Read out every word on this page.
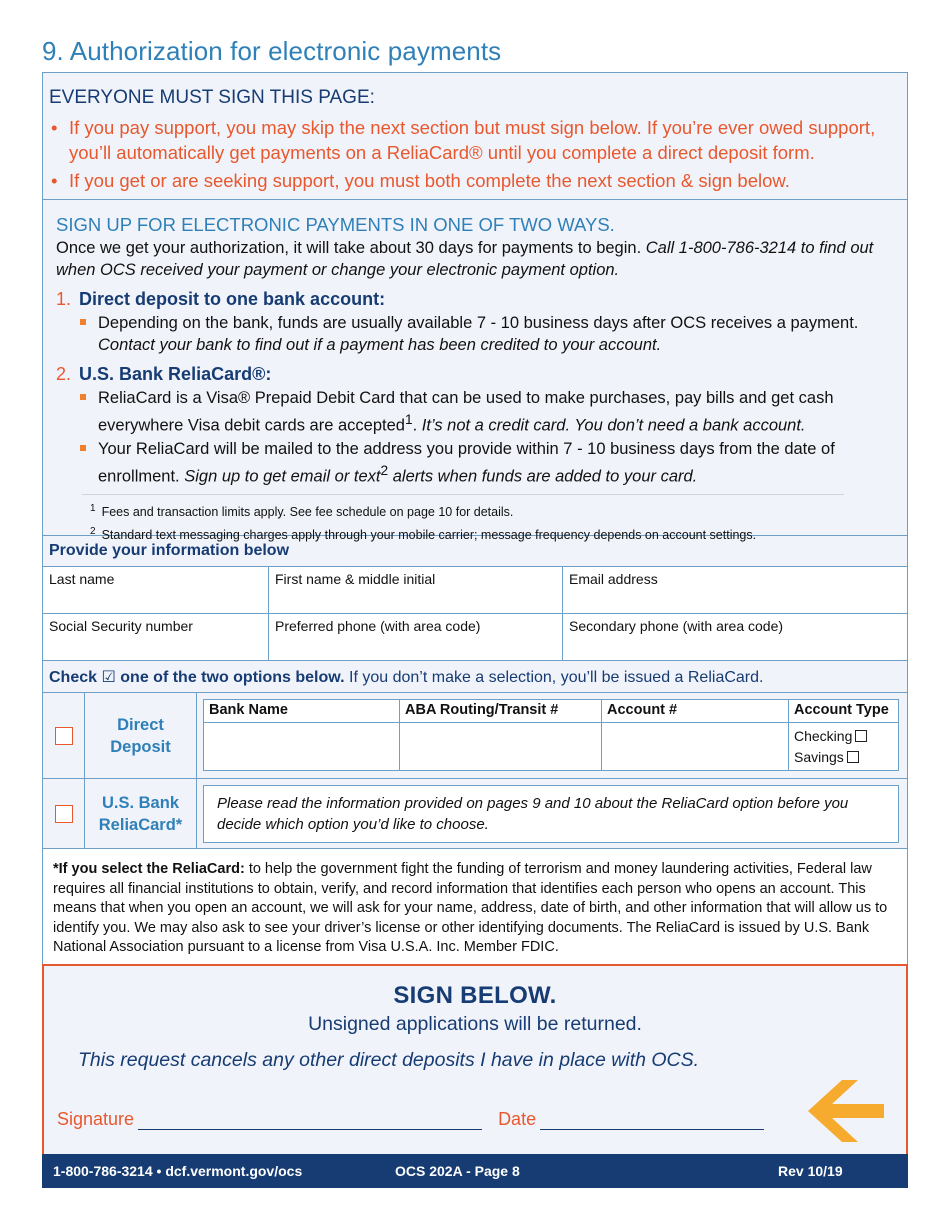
9. Authorization for electronic payments
EVERYONE MUST SIGN THIS PAGE:
• If you pay support, you may skip the next section but must sign below. If you’re ever owed support, you’ll automatically get payments on a ReliaCard® until you complete a direct deposit form.
• If you get or are seeking support, you must both complete the next section & sign below.
SIGN UP FOR ELECTRONIC PAYMENTS IN ONE OF TWO WAYS.

Once we get your authorization, it will take about 30 days for payments to begin. Call 1-800-786-3214 to find out when OCS received your payment or change your electronic payment option.

1. Direct deposit to one bank account:
Depending on the bank, funds are usually available 7 - 10 business days after OCS receives a payment. Contact your bank to find out if a payment has been credited to your account.
2. U.S. Bank ReliaCard®:
ReliaCard is a Visa® Prepaid Debit Card that can be used to make purchases, pay bills and get cash everywhere Visa debit cards are accepted$^1$. It’s not a credit card. You don’t need a bank account.
Your ReliaCard will be mailed to the address you provide within 7 - 10 business days from the date of enrollment. Sign up to get email or text$^2$ alerts when funds are added to your card.
$^1$ Fees and transaction limits apply. See fee schedule on page 10 for details.
$^2$ Standard text messaging charges apply through your mobile carrier; message frequency depends on account settings.
Provide your information below
Last name	First name & middle initial	Email address
Social Security number	Preferred phone (with area code)	Secondary phone (with area code)
Check ☑ one of the two options below. If you don’t make a selection, you’ll be issued a ReliaCard.
Direct
Deposit
Bank Name	ABA Routing/Transit #	Account #	Account Type

			Checking
Savings
U.S. Bank
ReliaCard*
Please read the information provided on pages 9 and 10 about the ReliaCard option before you decide which option you’d like to choose.
*If you select the ReliaCard: to help the government fight the funding of terrorism and money laundering activities, Federal law requires all financial institutions to obtain, verify, and record information that identifies each person who opens an account. This means that when you open an account, we will ask for your name, address, date of birth, and other information that will allow us to identify you. We may also ask to see your driver’s license or other identifying documents. The ReliaCard is issued by U.S. Bank National Association pursuant to a license from Visa U.S.A. Inc. Member FDIC.
SIGN BELOW.
Unsigned applications will be returned.
This request cancels any other direct deposits I have in place with OCS.
Signature	Date
1-800-786-3214 • dcf.vermont.gov/ocs	OCS 202A - Page 8	Rev 10/19
